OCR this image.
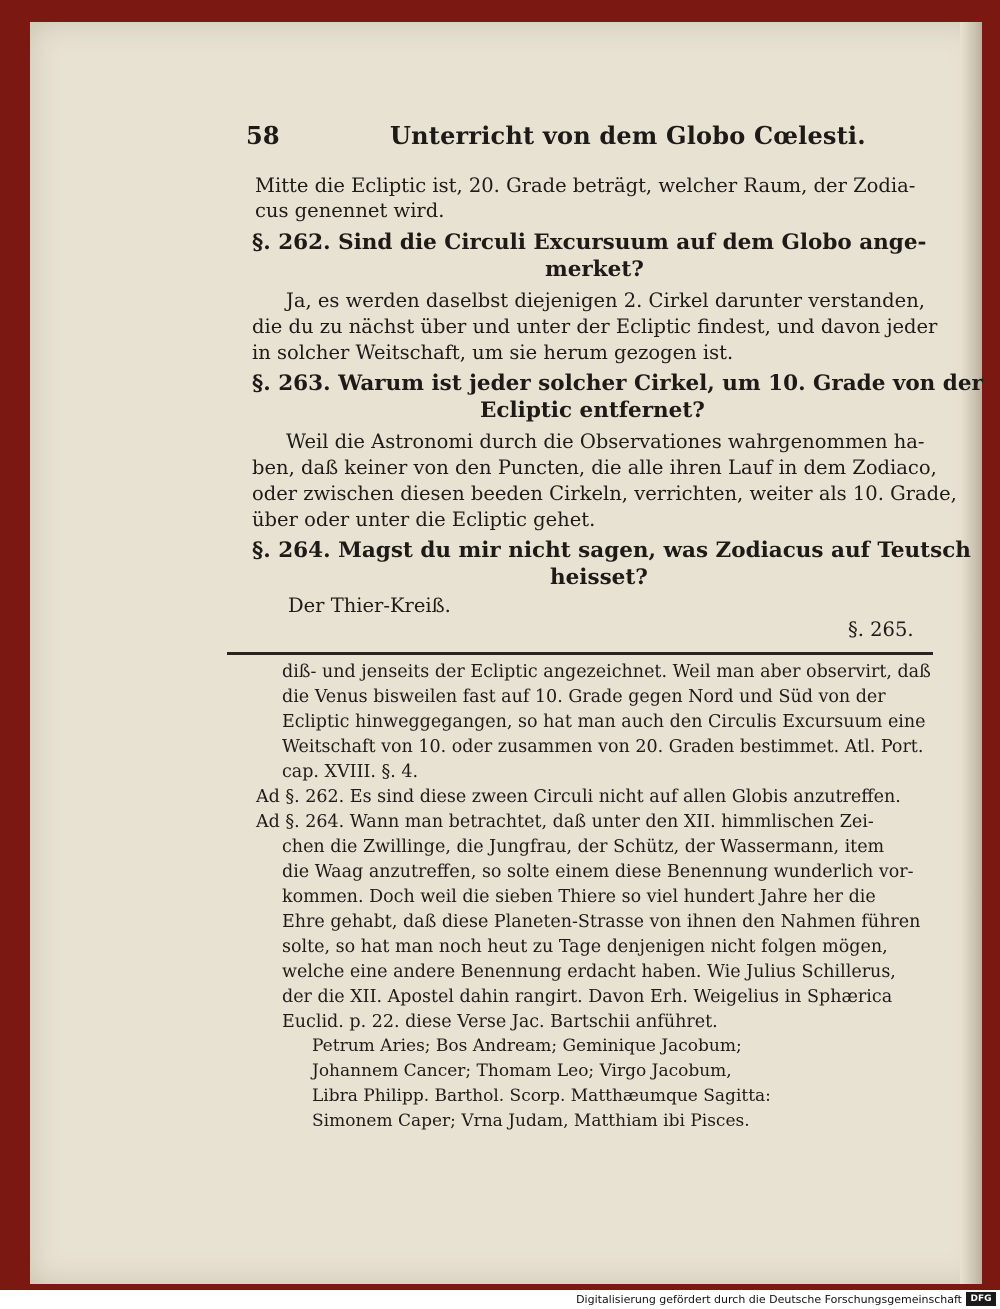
58	Unterricht von dem Globo Cœlesti.
Mitte die Ecliptic ist, 20. Grade beträgt, welcher Raum, der Zodia-
cus genennet wird.
§. 262. Sind die Circuli Excursuum auf dem Globo ange-
merket?
Ja, es werden daselbst diejenigen 2. Cirkel darunter verstanden,
die du zu nächst über und unter der Ecliptic findest, und davon jeder
in solcher Weitschaft, um sie herum gezogen ist.
§. 263. Warum ist jeder solcher Cirkel, um 10. Grade von der
Ecliptic entfernet?
Weil die Astronomi durch die Observationes wahrgenommen ha-
ben, daß keiner von den Puncten, die alle ihren Lauf in dem Zodiaco,
oder zwischen diesen beeden Cirkeln, verrichten, weiter als 10. Grade,
über oder unter die Ecliptic gehet.
§. 264. Magst du mir nicht sagen, was Zodiacus auf Teutsch
heisset?
Der Thier-Kreiß.
§. 265.
diß- und jenseits der Ecliptic angezeichnet. Weil man aber observirt, daß
die Venus bisweilen fast auf 10. Grade gegen Nord und Süd von der
Ecliptic hinweggegangen, so hat man auch den Circulis Excursuum eine
Weitschaft von 10. oder zusammen von 20. Graden bestimmet. Atl. Port.
cap. XVIII. §. 4.
Ad §. 262. Es sind diese zween Circuli nicht auf allen Globis anzutreffen.
Ad §. 264. Wann man betrachtet, daß unter den XII. himmlischen Zei-
chen die Zwillinge, die Jungfrau, der Schütz, der Wassermann, item
die Waag anzutreffen, so solte einem diese Benennung wunderlich vor-
kommen. Doch weil die sieben Thiere so viel hundert Jahre her die
Ehre gehabt, daß diese Planeten-Strasse von ihnen den Nahmen führen
solte, so hat man noch heut zu Tage denjenigen nicht folgen mögen,
welche eine andere Benennung erdacht haben. Wie Julius Schillerus,
der die XII. Apostel dahin rangirt. Davon Erh. Weigelius in Sphærica
Euclid. p. 22. diese Verse Jac. Bartschii anführet.
Petrum Aries; Bos Andream; Geminique Jacobum;
Johannem Cancer; Thomam Leo; Virgo Jacobum,
Libra Philipp. Barthol. Scorp. Matthæumque Sagitta:
Simonem Caper; Vrna Judam, Matthiam ibi Pisces.
Digitalisierung gefördert durch die Deutsche Forschungsgemeinschaft DFG
